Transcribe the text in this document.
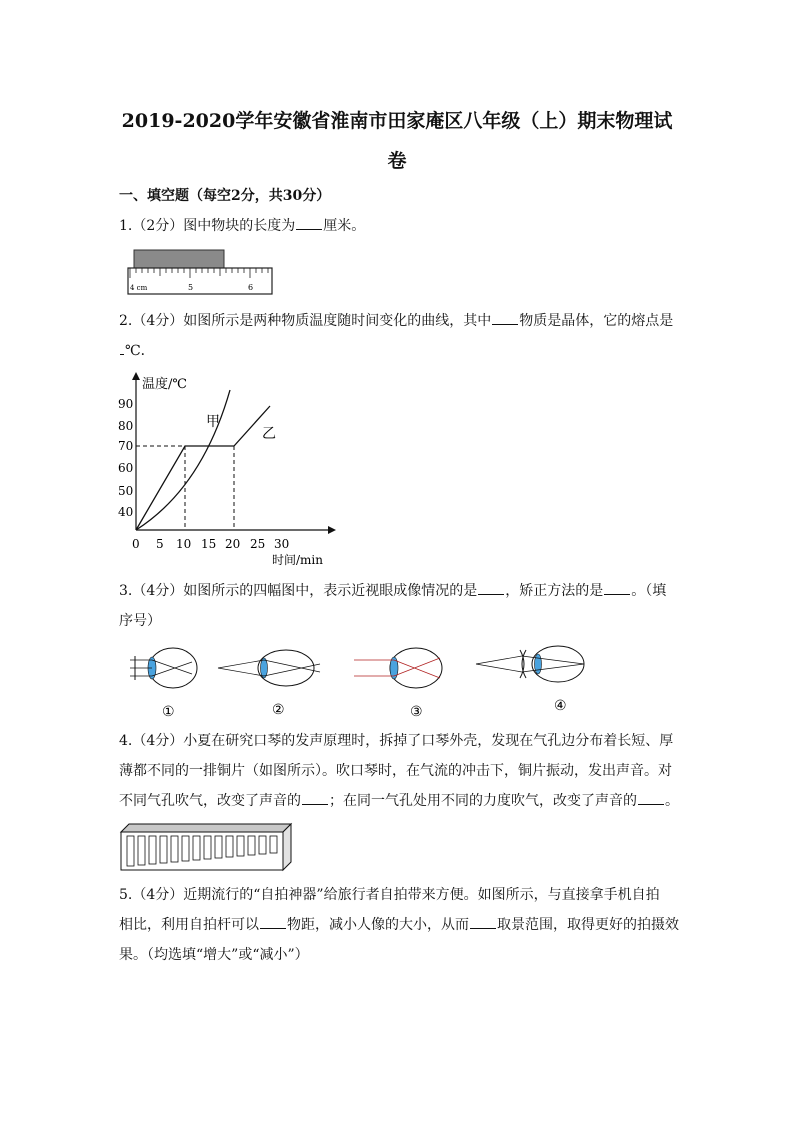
2019-2020学年安徽省淮南市田家庵区八年级（上）期末物理试
卷
一、填空题（每空2分，共30分）
1.（2分）图中物块的长度为 厘米。
4 cm	5	6
2.（4分）如图所示是两种物质温度随时间变化的曲线，其中 物质是晶体，它的熔点是
℃．
温度/℃
时间/min
90
80
70
60
50
40
0 5 10 15 20 25 30
甲
乙
3.（4分）如图所示的四幅图中，表示近视眼成像情况的是 ，矫正方法的是 。（填
序号）
①	②	③	④
4.（4分）小夏在研究口琴的发声原理时，拆掉了口琴外壳，发现在气孔边分布着长短、厚
薄都不同的一排铜片（如图所示）。吹口琴时，在气流的冲击下，铜片振动，发出声音。对
不同气孔吹气，改变了声音的 ；在同一气孔处用不同的力度吹气，改变了声音的 。
5.（4分）近期流行的“自拍神器”给旅行者自拍带来方便。如图所示，与直接拿手机自拍
相比，利用自拍杆可以 物距，减小人像的大小，从而 取景范围，取得更好的拍摄效
果。（均选填“增大”或“减小”）
